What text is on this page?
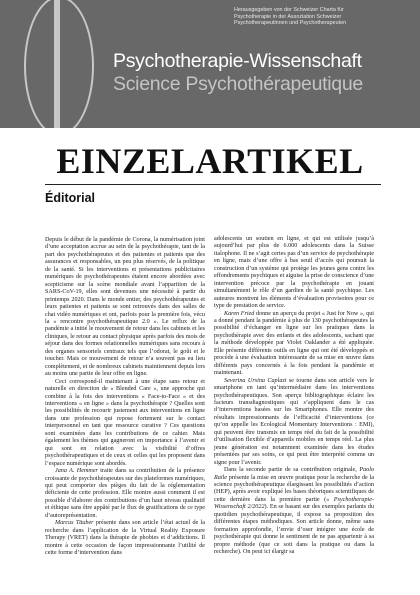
Herausgegeben von der Schweizer Charta für
Psychotherapie in der Assoziation Schweizer
Psychotherapeutinnen und Psychotherapeuten
Psychotherapie-Wissenschaft
Science Psychothérapeutique
EINZELARTIKEL
Éditorial

Depuis le début de la pandémie de Corona, la numérisation joint d’une acceptation accrue au sein de la psychothérapie, tant de la part des psychothérapeutes et des patientes et patients que des assurances et responsables, un peu plus réservés, de la politique de la santé. Si les interventions et présentations publicitaires numériques de psychothérapeutes étaient encore abordées avec scepticisme sur la scène mondiale avant l’apparition de la SARS-CoV-19, elles sont devenues une nécessité à partir du printemps 2020. Dans le monde entier, des psychothérapeutes et leurs patientes et patients se sont retrouvés dans des salles de chat vidéo numériques et ont, parfois pour la première fois, vécu la « rencontre psychothérapeutique 2.0 ». Le reflux de la pandémie a initié le mouvement de retour dans les cabinets et les cliniques, le retour au contact physique après parfois des mois de séjour dans des formes relationnelles numériques sans recours à des organes sensoriels centraux tels que l’odorat, le goût et le toucher. Mais ce mouvement de retour n’a souvent pas eu lieu complètement, et de nombreux cabinets maintiennent depuis lors au moins une partie de leur offre en ligne.

Ceci correspond-il maintenant à une étape sans retour et naturelle en direction de « Blended Care », une approche qui combine à la fois des interventions « Face-to-Face » et des interventions « en ligne » dans la psychothérapie ? Quelles sont les possibilités de recourir justement aux interventions en ligne dans une profession qui repose fortement sur le contact interpersonnel en tant que ressource curative ? Ces questions sont examinées dans les contributions de ce cahier. Mais également les thèmes qui gagneront en importance à l’avenir et qui sont en relation avec la visibilité d’offres psychothérapeutiques et de ceux et celles qui les proposent dans l’espace numérique sont abordés.

Jana A. Hemmer traite dans sa contribution de la présence croissante de psychothérapeutes sur des plateformes numériques, qui peut comporter des pièges du fait de la réglementation déficiente de cette profession. Elle montre aussi comment il est possible d’élaborer des contributions d’un haut niveau qualitatif et éthique sans être appâté par le flux de gratifications de ce type d’autoreprésentation.

Marcus Täuber présente dans son article l’état actuel de la recherche dans l’application de la Virtual Reality Exposure Therapy (VRET) dans la thérapie de phobies et d’addictions. Il montre à cette occasion de façon impressionnante l’utilité de cette forme d’intervention dans

adolescents un soutien en ligne, et qui est utilisée jusqu’à aujourd’hui par plus de 6.000 adolescents dans la Suisse italophone. Il ne s’agit certes pas d’un service de psychothérapie en ligne, mais d’une offre à bas seuil d’accès qui poursuit la construction d’un système qui protège les jeunes gens contre les effondrements psychiques et aiguise la prise de conscience d’une intervention précoce par la psychothérapie en jouant simultanément le rôle d’un gardien de la santé psychique. Les auteures montrent les éléments d’évaluation provisoires pour ce type de prestation de service.

Karen Fried donne un aperçu du projet « Just for Now », qui a donné pendant la pandémie à plus de 130 psychothérapeutes la possibilité d’échanger en ligne sur les pratiques dans la psychothérapie avec des enfants et des adolescents, sachant que la méthode développée par Violet Oaklander a été appliquée. Elle présente différents outils en ligne qui ont été développés et procède à une évaluation intéressante de sa mise en œuvre dans différents pays concernés à la fois pendant la pandémie et maintenant.

Severina Ursina Caplazi se tourne dans son article vers le smartphone en tant qu’intermédiaire dans les interventions psychothérapeutiques. Son aperçu bibliographique éclaire les facteurs transdiagnostiques qui s’appliquent dans le cas d’interventions basées sur les Smartphones. Elle montre des résultats impressionnants de l’efficacité d’interventions (ce qu’on appelle les Ecological Momentary Interventions : EMI), qui peuvent être transmis en temps réel du fait de la possibilité d’utilisation flexible d’appareils mobiles en temps réel. La plus jeune génération est notamment examinée dans les études présentées par ses soins, ce qui peut être interprété comme un signe pour l’avenir.

Dans la seconde partie de sa contribution originale, Paolo Raile présente la mise en œuvre pratique pour la recherche de la science psychothérapeutique élargissant les possibilités d’action (HEP), après avoir expliqué les bases théoriques scientifiques de cette dernière dans la première partie (« Psychotherapie-Wissenschaft 2/2022). En se basant sur des exemples parlants du quotidien psychothérapeutique, il expose sa proposition des différentes étapes méthodiques. Son article donne, même sans formation approfondie, l’envie d’oser intégrer une école de psychothérapie qui donne le sentiment de ne pas appartenir à sa propre méthode (que ce soit dans la pratique ou dans la recherche). On peut ici élargir sa
